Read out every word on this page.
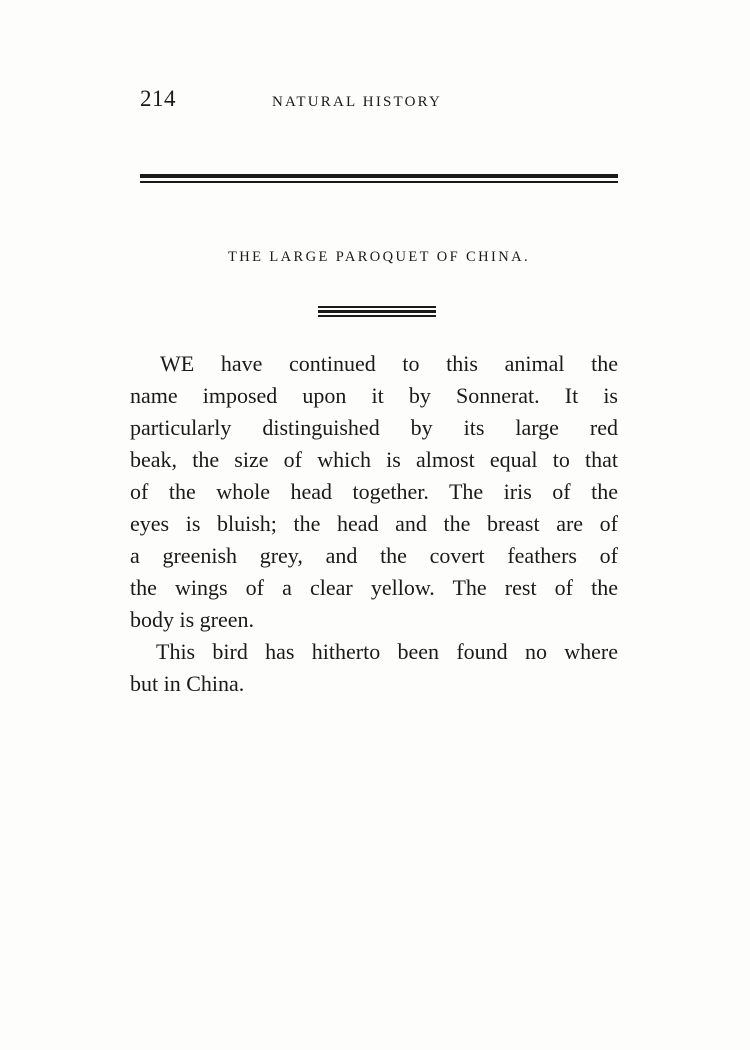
214	NATURAL HISTORY
THE LARGE PAROQUET OF CHINA.
WE have continued to this animal the
name imposed upon it by Sonnerat. It is
particularly distinguished by its large red
beak, the size of which is almost equal to that
of the whole head together. The iris of the
eyes is bluish; the head and the breast are of
a greenish grey, and the covert feathers of
the wings of a clear yellow. The rest of the
body is green.
This bird has hitherto been found no where
but in China.
